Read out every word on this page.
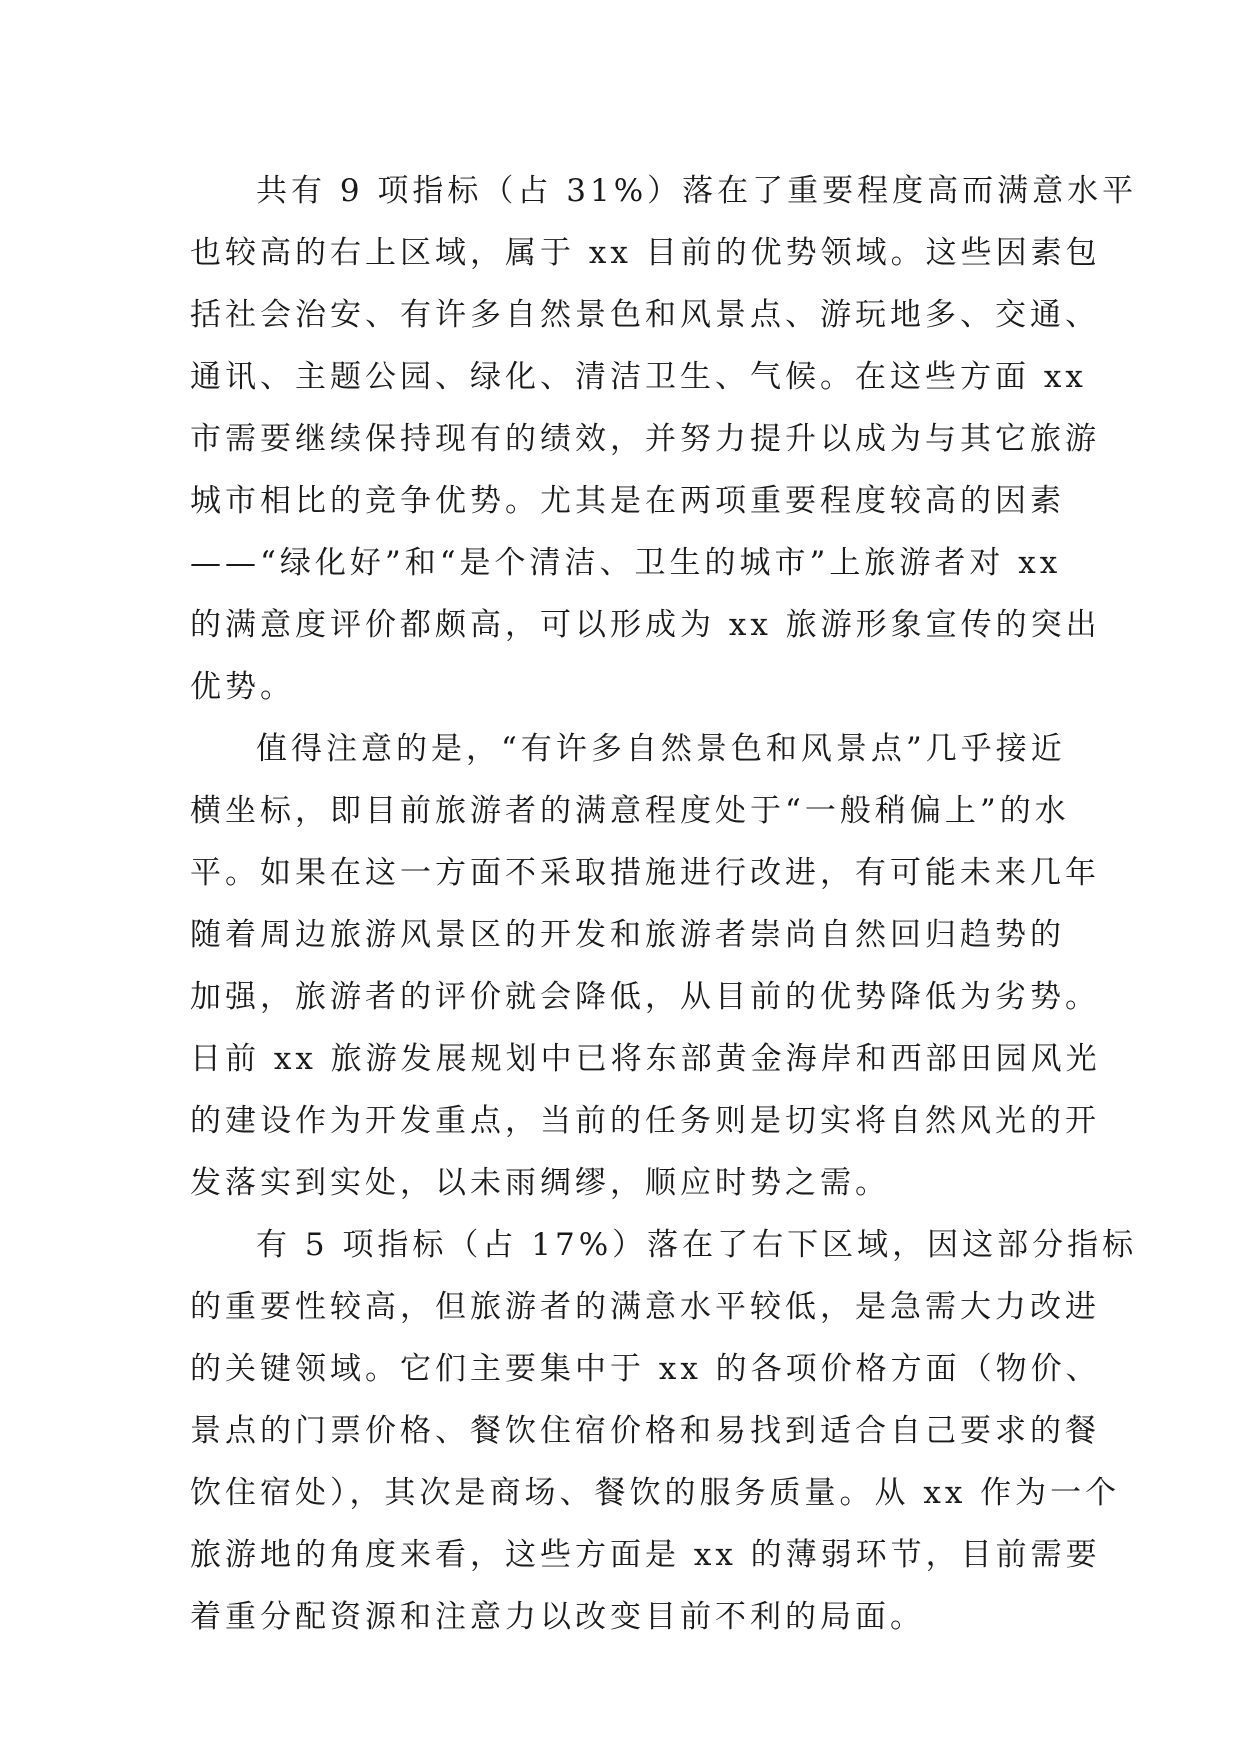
共有 9 项指标（占 31%）落在了重要程度高而满意水平
也较高的右上区域，属于 xx 目前的优势领域。这些因素包
括社会治安、有许多自然景色和风景点、游玩地多、交通、
通讯、主题公园、绿化、清洁卫生、气候。在这些方面 xx
市需要继续保持现有的绩效，并努力提升以成为与其它旅游
城市相比的竞争优势。尤其是在两项重要程度较高的因素
——“绿化好”和“是个清洁、卫生的城市”上旅游者对 xx
的满意度评价都颇高，可以形成为 xx 旅游形象宣传的突出
优势。
值得注意的是，“有许多自然景色和风景点”几乎接近
横坐标，即目前旅游者的满意程度处于“一般稍偏上”的水
平。如果在这一方面不采取措施进行改进，有可能未来几年
随着周边旅游风景区的开发和旅游者崇尚自然回归趋势的
加强，旅游者的评价就会降低，从目前的优势降低为劣势。
日前 xx 旅游发展规划中已将东部黄金海岸和西部田园风光
的建设作为开发重点，当前的任务则是切实将自然风光的开
发落实到实处，以未雨绸缪，顺应时势之需。
有 5 项指标（占 17%）落在了右下区域，因这部分指标
的重要性较高，但旅游者的满意水平较低，是急需大力改进
的关键领域。它们主要集中于 xx 的各项价格方面（物价、
景点的门票价格、餐饮住宿价格和易找到适合自己要求的餐
饮住宿处），其次是商场、餐饮的服务质量。从 xx 作为一个
旅游地的角度来看，这些方面是 xx 的薄弱环节，目前需要
着重分配资源和注意力以改变目前不利的局面。
